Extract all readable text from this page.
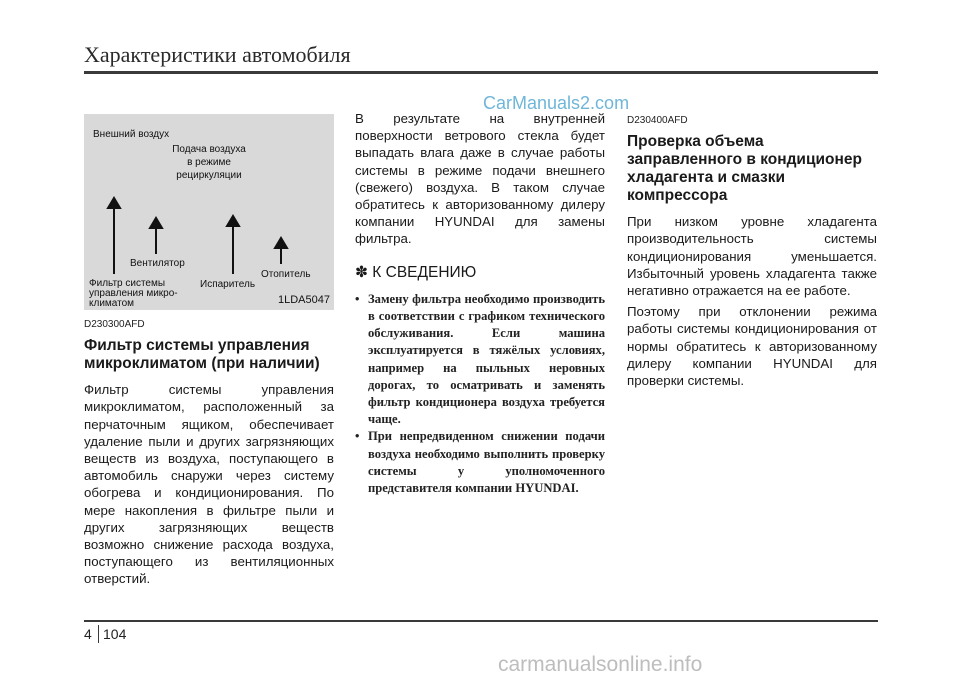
Характеристики автомобиля
CarManuals2.com
Внешний воздух
Подача воздуха
в режиме
рециркуляции
Вентилятор
Фильтр системы
управления микро-
климатом
Испаритель
Отопитель
1LDA5047
D230300AFD
Фильтр системы управления
микроклиматом (при наличии)

Фильтр системы управления микроклиматом, расположенный за перчаточным ящиком, обеспечивает удаление пыли и других загрязняющих веществ из воздуха, поступающего в автомобиль снаружи через систему обогрева и кондиционирования. По мере накопления в фильтре пыли и других загрязняющих веществ возможно снижение расхода воздуха, поступающего из вентиляционных отверстий.

В результате на внутренней поверхности ветрового стекла будет выпадать влага даже в случае работы системы в режиме подачи внешнего (свежего) воздуха. В таком случае обратитесь к авторизованному дилеру компании HYUNDAI для замены фильтра.

✽ К СВЕДЕНИЮ
• Замену фильтра необходимо производить в соответствии с графиком технического обслуживания. Если машина эксплуатируется в тяжёлых условиях, например на пыльных неровных дорогах, то осматривать и заменять фильтр кондиционера воздуха требуется чаще.
• При непредвиденном снижении подачи воздуха необходимо выполнить проверку системы у уполномоченного представителя компании HYUNDAI.
D230400AFD
Проверка объема
заправленного в кондиционер
хладагента и смазки
компрессора

При низком уровне хладагента производительность системы кондиционирования уменьшается. Избыточный уровень хладагента также негативно отражается на ее работе.

Поэтому при отклонении режима работы системы кондиционирования от нормы обратитесь к авторизованному дилеру компании HYUNDAI для проверки системы.

4 104
carmanualsonline.info
